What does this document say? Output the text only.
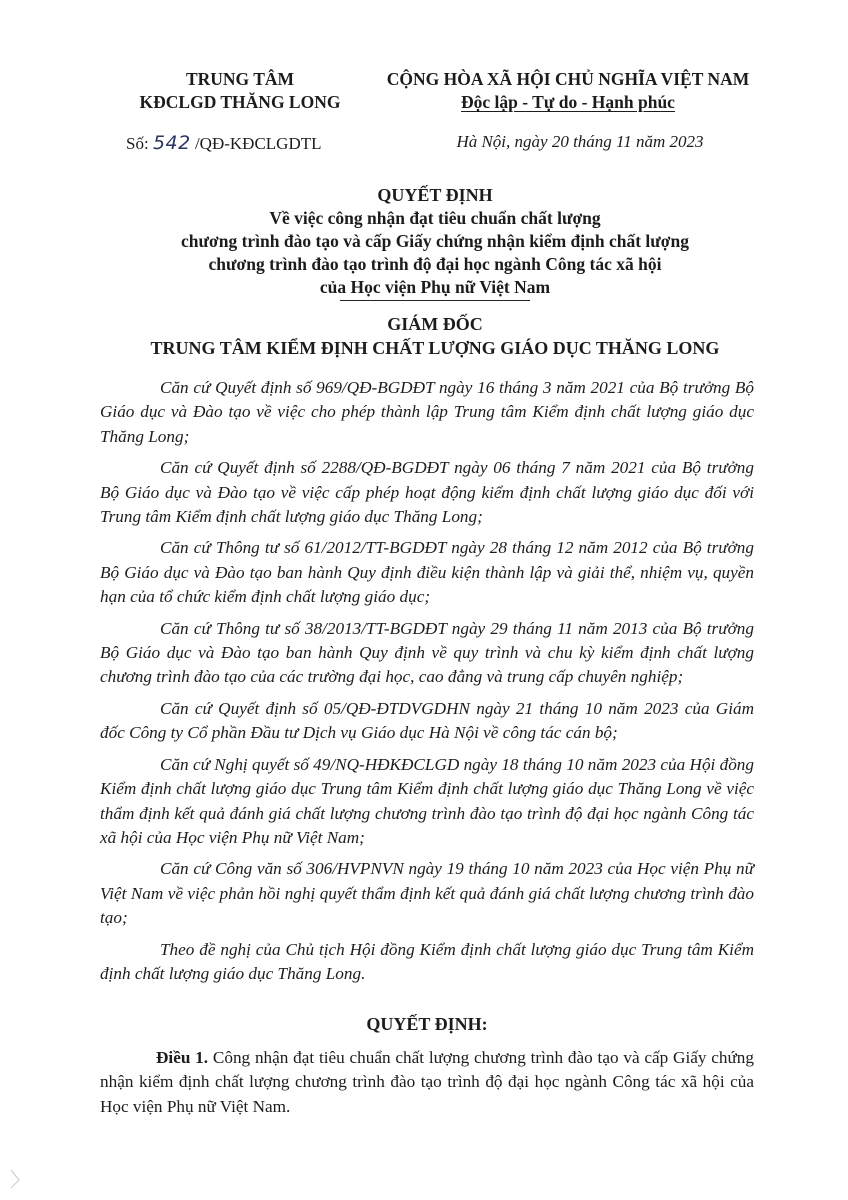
TRUNG TÂM
KĐCLGD THĂNG LONG
CỘNG HÒA XÃ HỘI CHỦ NGHĨA VIỆT NAM
Độc lập - Tự do - Hạnh phúc
Số: 542 /QĐ-KĐCLGDTL	Hà Nội, ngày 20 tháng 11 năm 2023
QUYẾT ĐỊNH
Về việc công nhận đạt tiêu chuẩn chất lượng
chương trình đào tạo và cấp Giấy chứng nhận kiểm định chất lượng
chương trình đào tạo trình độ đại học ngành Công tác xã hội
của Học viện Phụ nữ Việt Nam
GIÁM ĐỐC
TRUNG TÂM KIỂM ĐỊNH CHẤT LƯỢNG GIÁO DỤC THĂNG LONG

Căn cứ Quyết định số 969/QĐ-BGDĐT ngày 16 tháng 3 năm 2021 của Bộ trưởng Bộ Giáo dục và Đào tạo về việc cho phép thành lập Trung tâm Kiểm định chất lượng giáo dục Thăng Long;

Căn cứ Quyết định số 2288/QĐ-BGDĐT ngày 06 tháng 7 năm 2021 của Bộ trưởng Bộ Giáo dục và Đào tạo về việc cấp phép hoạt động kiểm định chất lượng giáo dục đối với Trung tâm Kiểm định chất lượng giáo dục Thăng Long;

Căn cứ Thông tư số 61/2012/TT-BGDĐT ngày 28 tháng 12 năm 2012 của Bộ trưởng Bộ Giáo dục và Đào tạo ban hành Quy định điều kiện thành lập và giải thể, nhiệm vụ, quyền hạn của tổ chức kiểm định chất lượng giáo dục;

Căn cứ Thông tư số 38/2013/TT-BGDĐT ngày 29 tháng 11 năm 2013 của Bộ trưởng Bộ Giáo dục và Đào tạo ban hành Quy định về quy trình và chu kỳ kiểm định chất lượng chương trình đào tạo của các trường đại học, cao đẳng và trung cấp chuyên nghiệp;

Căn cứ Quyết định số 05/QĐ-ĐTDVGDHN ngày 21 tháng 10 năm 2023 của Giám đốc Công ty Cổ phần Đầu tư Dịch vụ Giáo dục Hà Nội về công tác cán bộ;

Căn cứ Nghị quyết số 49/NQ-HĐKĐCLGD ngày 18 tháng 10 năm 2023 của Hội đồng Kiểm định chất lượng giáo dục Trung tâm Kiểm định chất lượng giáo dục Thăng Long về việc thẩm định kết quả đánh giá chất lượng chương trình đào tạo trình độ đại học ngành Công tác xã hội của Học viện Phụ nữ Việt Nam;

Căn cứ Công văn số 306/HVPNVN ngày 19 tháng 10 năm 2023 của Học viện Phụ nữ Việt Nam về việc phản hồi nghị quyết thẩm định kết quả đánh giá chất lượng chương trình đào tạo;

Theo đề nghị của Chủ tịch Hội đồng Kiểm định chất lượng giáo dục Trung tâm Kiểm định chất lượng giáo dục Thăng Long.

QUYẾT ĐỊNH:

Điều 1. Công nhận đạt tiêu chuẩn chất lượng chương trình đào tạo và cấp Giấy chứng nhận kiểm định chất lượng chương trình đào tạo trình độ đại học ngành Công tác xã hội của Học viện Phụ nữ Việt Nam.
